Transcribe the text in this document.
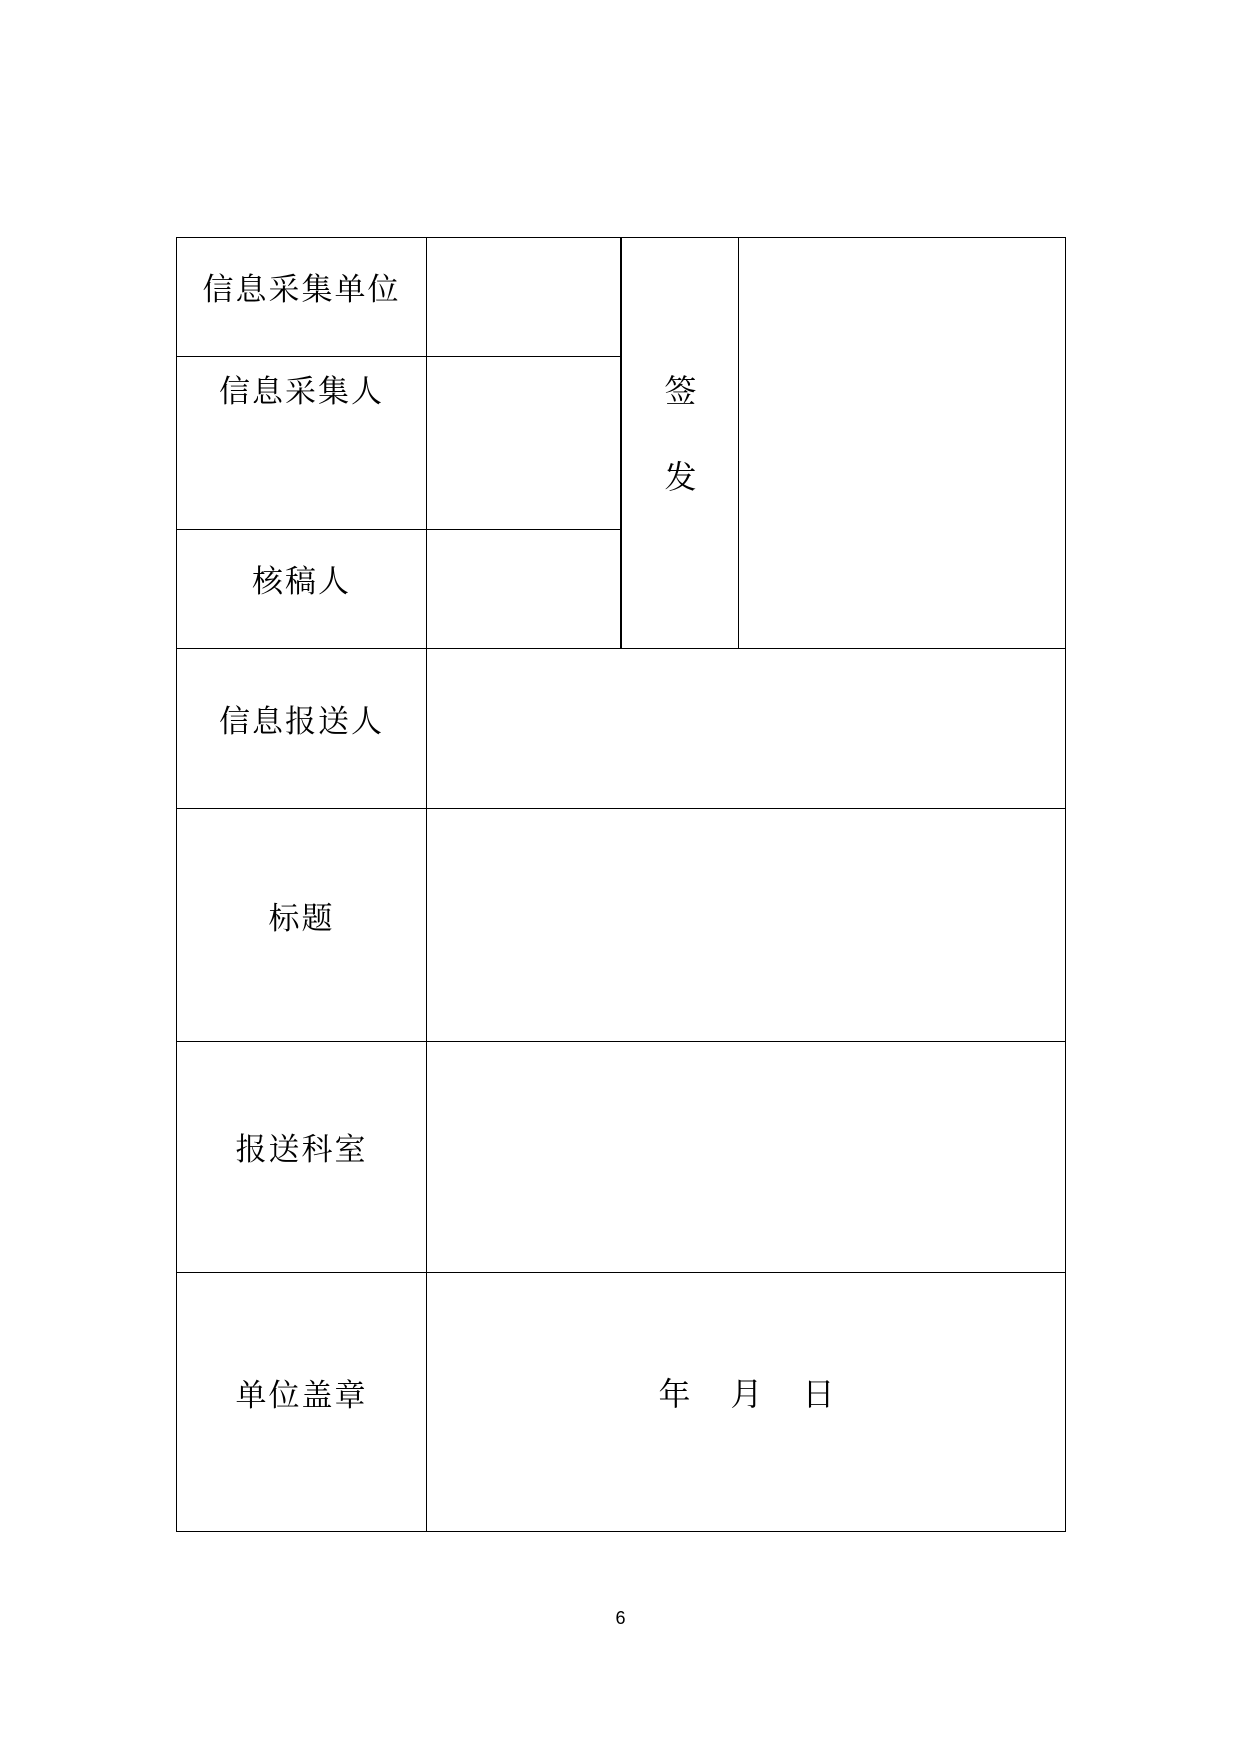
信息采集单位
信息采集人
核稿人
签
发
信息报送人
标题
报送科室
单位盖章	年 月 日
6
